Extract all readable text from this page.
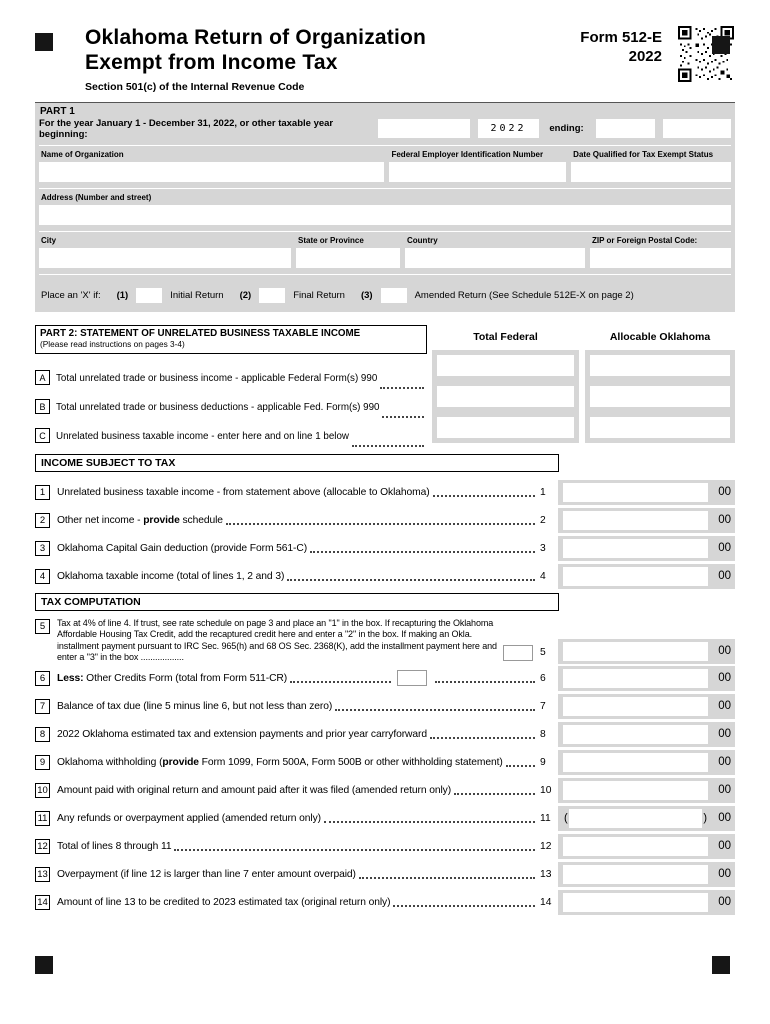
Oklahoma Return of Organization
Exempt from Income Tax
Section 501(c) of the Internal Revenue Code
Form 512-E
2022
PART 1
For the year January 1 - December 31, 2022, or other taxable year beginning:	2022	ending:
Name of Organization	Federal Employer Identification Number	Date Qualified for Tax Exempt Status
Address (Number and street)
City	State or Province	Country	ZIP or Foreign Postal Code:
Place an 'X' if: (1)	Initial Return (2)	Final Return (3)	Amended Return (See Schedule 512E-X on page 2)
PART 2: STATEMENT OF UNRELATED BUSINESS TAXABLE INCOME
(Please read instructions on pages 3-4)
A	Total unrelated trade or business income - applicable Federal Form(s) 990
B	Total unrelated trade or business deductions - applicable Fed. Form(s) 990
C	Unrelated business taxable income - enter here and on line 1 below
Total Federal	Allocable Oklahoma
INCOME SUBJECT TO TAX
1	Unrelated business taxable income - from statement above (allocable to Oklahoma)	1	00
2	Other net income - provide schedule	2	00
3	Oklahoma Capital Gain deduction (provide Form 561-C)	3	00
4	Oklahoma taxable income (total of lines 1, 2 and 3)	4	00
TAX COMPUTATION
5	Tax at 4% of line 4. If trust, see rate schedule on page 3 and place an "1" in the box. If recapturing the Oklahoma Affordable Housing Tax Credit, add the recaptured credit here and enter a "2" in the box. If making an Okla. installment payment pursuant to IRC Sec. 965(h) and 68 OS Sec. 2368(K), add the installment payment here and enter a "3" in the box ..................	5	00
6	Less: Other Credits Form (total from Form 511-CR)	6	00
7	Balance of tax due (line 5 minus line 6, but not less than zero)	7	00
8	2022 Oklahoma estimated tax and extension payments and prior year carryforward	8	00
9	Oklahoma withholding (provide Form 1099, Form 500A, Form 500B or other withholding statement)	9	00
10 Amount paid with original return and amount paid after it was filed (amended return only)	10	00
11 Any refunds or overpayment applied (amended return only)	11	(	) 00
12 Total of lines 8 through 11	12	00
13 Overpayment (if line 12 is larger than line 7 enter amount overpaid)	13	00
14 Amount of line 13 to be credited to 2023 estimated tax (original return only)	14	00
